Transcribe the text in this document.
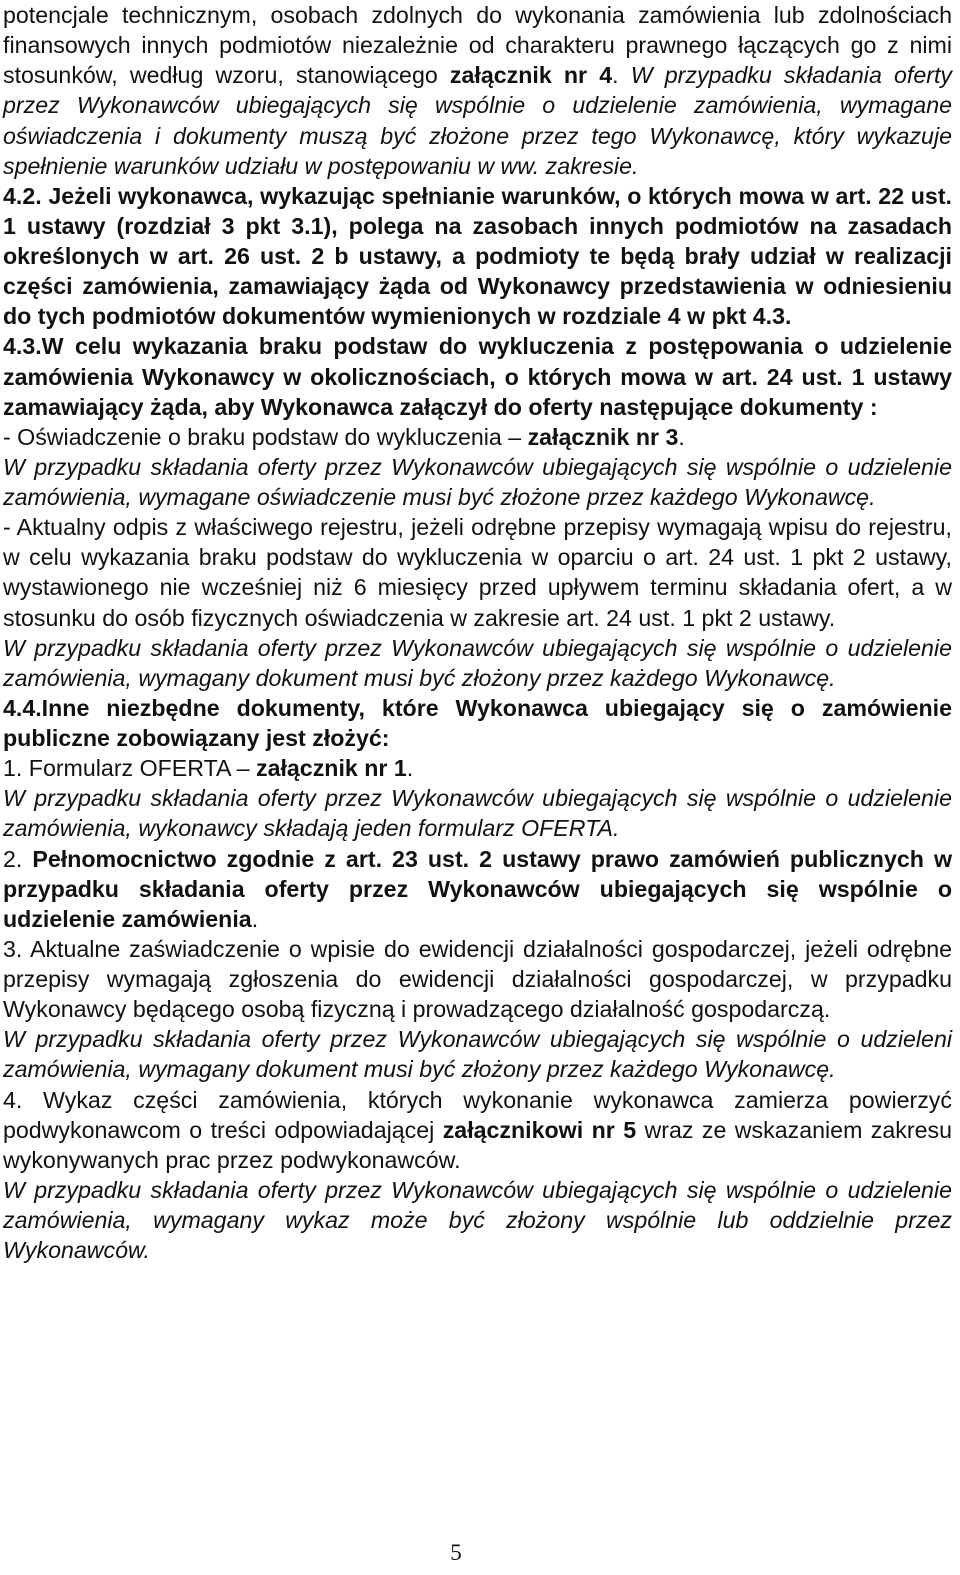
potencjale technicznym, osobach zdolnych do wykonania zamówienia lub zdolnościach finansowych innych podmiotów niezależnie od charakteru prawnego łączących go z nimi stosunków, według wzoru, stanowiącego załącznik nr 4. W przypadku składania oferty przez Wykonawców ubiegających się wspólnie o udzielenie zamówienia, wymagane oświadczenia i dokumenty muszą być złożone przez tego Wykonawcę, który wykazuje spełnienie warunków udziału w postępowaniu w ww. zakresie.

4.2. Jeżeli wykonawca, wykazując spełnianie warunków, o których mowa w art. 22 ust. 1 ustawy (rozdział 3 pkt 3.1), polega na zasobach innych podmiotów na zasadach określonych w art. 26 ust. 2 b ustawy, a podmioty te będą brały udział w realizacji części zamówienia, zamawiający żąda od Wykonawcy przedstawienia w odniesieniu do tych podmiotów dokumentów wymienionych w rozdziale 4 w pkt 4.3.

4.3.W celu wykazania braku podstaw do wykluczenia z postępowania o udzielenie zamówienia Wykonawcy w okolicznościach, o których mowa w art. 24 ust. 1 ustawy zamawiający żąda, aby Wykonawca załączył do oferty następujące dokumenty :

- Oświadczenie o braku podstaw do wykluczenia – załącznik nr 3.

W przypadku składania oferty przez Wykonawców ubiegających się wspólnie o udzielenie zamówienia, wymagane oświadczenie musi być złożone przez każdego Wykonawcę.

- Aktualny odpis z właściwego rejestru, jeżeli odrębne przepisy wymagają wpisu do rejestru, w celu wykazania braku podstaw do wykluczenia w oparciu o art. 24 ust. 1 pkt 2 ustawy, wystawionego nie wcześniej niż 6 miesięcy przed upływem terminu składania ofert, a w stosunku do osób fizycznych oświadczenia w zakresie art. 24 ust. 1 pkt 2 ustawy.

W przypadku składania oferty przez Wykonawców ubiegających się wspólnie o udzielenie zamówienia, wymagany dokument musi być złożony przez każdego Wykonawcę.

4.4.Inne niezbędne dokumenty, które Wykonawca ubiegający się o zamówienie publiczne zobowiązany jest złożyć:

1. Formularz OFERTA – załącznik nr 1.

W przypadku składania oferty przez Wykonawców ubiegających się wspólnie o udzielenie zamówienia, wykonawcy składają jeden formularz OFERTA.

2. Pełnomocnictwo zgodnie z art. 23 ust. 2 ustawy prawo zamówień publicznych w przypadku składania oferty przez Wykonawców ubiegających się wspólnie o udzielenie zamówienia.

3. Aktualne zaświadczenie o wpisie do ewidencji działalności gospodarczej, jeżeli odrębne przepisy wymagają zgłoszenia do ewidencji działalności gospodarczej, w przypadku Wykonawcy będącego osobą fizyczną i prowadzącego działalność gospodarczą.

W przypadku składania oferty przez Wykonawców ubiegających się wspólnie o udzieleni zamówienia, wymagany dokument musi być złożony przez każdego Wykonawcę.

4. Wykaz części zamówienia, których wykonanie wykonawca zamierza powierzyć podwykonawcom o treści odpowiadającej załącznikowi nr 5 wraz ze wskazaniem zakresu wykonywanych prac przez podwykonawców.

W przypadku składania oferty przez Wykonawców ubiegających się wspólnie o udzielenie zamówienia, wymagany wykaz może być złożony wspólnie lub oddzielnie przez Wykonawców.

5
